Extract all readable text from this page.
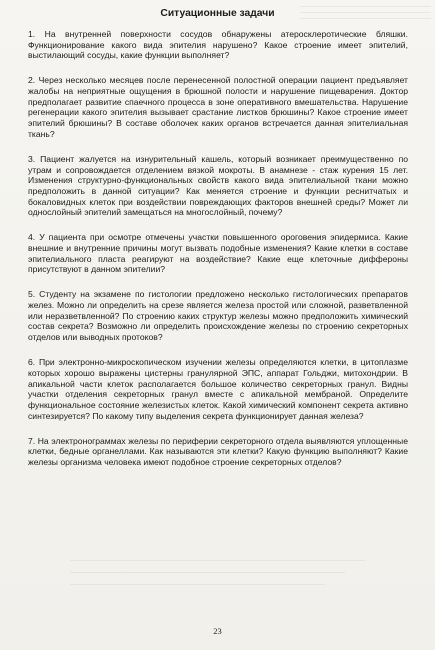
Ситуационные задачи

1. На внутренней поверхности сосудов обнаружены атеросклеротические бляшки. Функционирование какого вида эпителия нарушено? Какое строение имеет эпителий, выстилающий сосуды, какие функции выполняет?

2. Через несколько месяцев после перенесенной полостной операции пациент предъявляет жалобы на неприятные ощущения в брюшной полости и нарушение пищеварения. Доктор предполагает развитие спаечного процесса в зоне оперативного вмешательства. Нарушение регенерации какого эпителия вызывает срастание листков брюшины? Какое строение имеет эпителий брюшины? В составе оболочек каких органов встречается данная эпителиальная ткань?

3. Пациент жалуется на изнурительный кашель, который возникает преимущественно по утрам и сопровождается отделением вязкой мокроты. В анамнезе - стаж курения 15 лет. Изменения структурно-функциональных свойств какого вида эпителиальной ткани можно предположить в данной ситуации? Как меняется строение и функции реснитчатых и бокаловидных клеток при воздействии повреждающих факторов внешней среды? Может ли однослойный эпителий замещаться на многослойный, почему?

4. У пациента при осмотре отмечены участки повышенного ороговения эпидермиса. Какие внешние и внутренние причины могут вызвать подобные изменения? Какие клетки в составе эпителиального пласта реагируют на воздействие? Какие еще клеточные диффероны присутствуют в данном эпителии?

5. Студенту на экзамене по гистологии предложено несколько гистологических препаратов желез. Можно ли определить на срезе является железа простой или сложной, разветвленной или неразветвленной? По строению каких структур железы можно предположить химический состав секрета? Возможно ли определить происхождение железы по строению секреторных отделов или выводных протоков?

6. При электронно-микроскопическом изучении железы определяются клетки, в цитоплазме которых хорошо выражены цистерны гранулярной ЭПС, аппарат Гольджи, митохондрии. В апикальной части клеток располагается большое количество секреторных гранул. Видны участки отделения секреторных гранул вместе с апикальной мембраной. Определите функциональное состояние железистых клеток. Какой химический компонент секрета активно синтезируется? По какому типу выделения секрета функционирует данная железа?

7. На электронограммах железы по периферии секреторного отдела выявляются уплощенные клетки, бедные органеллами. Как называются эти клетки? Какую функцию выполняют? Какие железы организма человека имеют подобное строение секреторных отделов?

23
